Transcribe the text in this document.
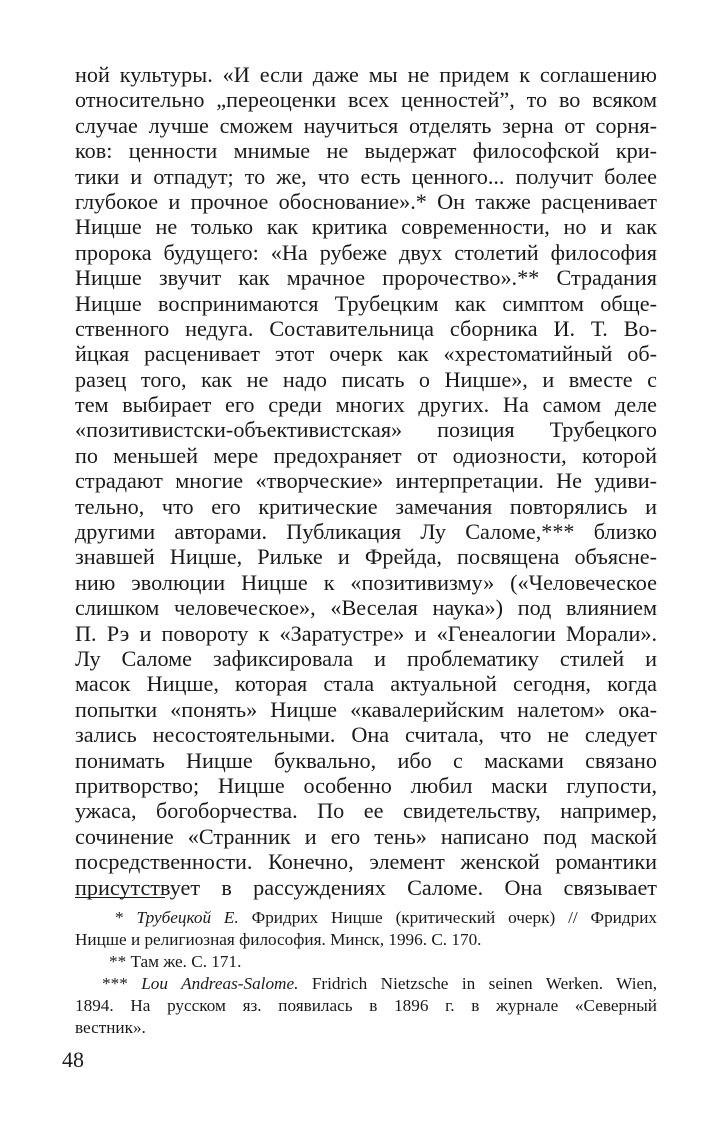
ной культуры. «И если даже мы не придем к соглашению
относительно „переоценки всех ценностей”, то во всяком
случае лучше сможем научиться отделять зерна от сорня-
ков: ценности мнимые не выдержат философской кри-
тики и отпадут; то же, что есть ценного... получит более
глубокое и прочное обоснование».* Он также расценивает
Ницше не только как критика современности, но и как
пророка будущего: «На рубеже двух столетий философия
Ницше звучит как мрачное пророчество».** Страдания
Ницше воспринимаются Трубецким как симптом обще-
ственного недуга. Составительница сборника И. Т. Во-
йцкая расценивает этот очерк как «хрестоматийный об-
разец того, как не надо писать о Ницше», и вместе с
тем выбирает его среди многих других. На самом деле
«позитивистски-объективистская» позиция Трубецкого
по меньшей мере предохраняет от одиозности, которой
страдают многие «творческие» интерпретации. Не удиви-
тельно, что его критические замечания повторялись и
другими авторами. Публикация Лу Саломе,*** близко
знавшей Ницше, Рильке и Фрейда, посвящена объясне-
нию эволюции Ницше к «позитивизму» («Человеческое
слишком человеческое», «Веселая наука») под влиянием
П. Рэ и повороту к «Заратустре» и «Генеалогии Морали».
Лу Саломе зафиксировала и проблематику стилей и
масок Ницше, которая стала актуальной сегодня, когда
попытки «понять» Ницше «кавалерийским налетом» ока-
зались несостоятельными. Она считала, что не следует
понимать Ницше буквально, ибо с масками связано
притворство; Ницше особенно любил маски глупости,
ужаса, богоборчества. По ее свидетельству, например,
сочинение «Странник и его тень» написано под маской
посредственности. Конечно, элемент женской романтики
присутствует в рассуждениях Саломе. Она связывает
* Трубецкой Е. Фридрих Ницше (критический очерк) // Фридрих
Ницше и религиозная философия. Минск, 1996. С. 170.
** Там же. С. 171.
*** Lou Andreas-Salome. Fridrich Nietzsche in seinen Werken. Wien,
1894. На русском яз. появилась в 1896 г. в журнале «Северный
вестник».
48
